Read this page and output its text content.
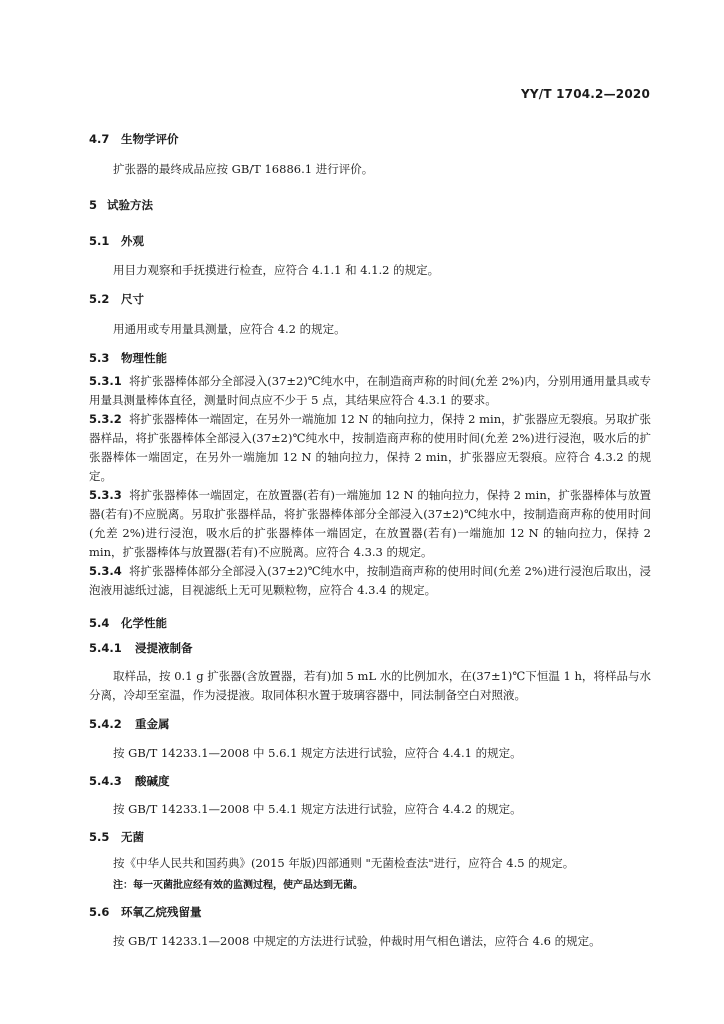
YY/T 1704.2—2020
4.7 生物学评价
扩张器的最终成品应按 GB/T 16886.1 进行评价。
5 试验方法
5.1 外观
用目力观察和手抚摸进行检查，应符合 4.1.1 和 4.1.2 的规定。
5.2 尺寸
用通用或专用量具测量，应符合 4.2 的规定。
5.3 物理性能
5.3.1 将扩张器棒体部分全部浸入(37±2)℃纯水中，在制造商声称的时间(允差 2%)内，分别用通用量具或专用量具测量棒体直径，测量时间点应不少于 5 点，其结果应符合 4.3.1 的要求。
5.3.2 将扩张器棒体一端固定，在另外一端施加 12 N 的轴向拉力，保持 2 min，扩张器应无裂痕。另取扩张器样品，将扩张器棒体全部浸入(37±2)℃纯水中，按制造商声称的使用时间(允差 2%)进行浸泡，吸水后的扩张器棒体一端固定，在另外一端施加 12 N 的轴向拉力，保持 2 min，扩张器应无裂痕。应符合 4.3.2 的规定。
5.3.3 将扩张器棒体一端固定，在放置器(若有)一端施加 12 N 的轴向拉力，保持 2 min，扩张器棒体与放置器(若有)不应脱离。另取扩张器样品，将扩张器棒体部分全部浸入(37±2)℃纯水中，按制造商声称的使用时间(允差 2%)进行浸泡，吸水后的扩张器棒体一端固定，在放置器(若有)一端施加 12 N 的轴向拉力，保持 2 min，扩张器棒体与放置器(若有)不应脱离。应符合 4.3.3 的规定。
5.3.4 将扩张器棒体部分全部浸入(37±2)℃纯水中，按制造商声称的使用时间(允差 2%)进行浸泡后取出，浸泡液用滤纸过滤，目视滤纸上无可见颗粒物，应符合 4.3.4 的规定。
5.4 化学性能
5.4.1 浸提液制备
取样品，按 0.1 g 扩张器(含放置器，若有)加 5 mL 水的比例加水，在(37±1)℃下恒温 1 h，将样品与水分离，冷却至室温，作为浸提液。取同体积水置于玻璃容器中，同法制备空白对照液。
5.4.2 重金属
按 GB/T 14233.1—2008 中 5.6.1 规定方法进行试验，应符合 4.4.1 的规定。
5.4.3 酸碱度
按 GB/T 14233.1—2008 中 5.4.1 规定方法进行试验，应符合 4.4.2 的规定。
5.5 无菌
按《中华人民共和国药典》(2015 年版)四部通则 "无菌检查法"进行，应符合 4.5 的规定。
注：每一灭菌批应经有效的监测过程，使产品达到无菌。
5.6 环氧乙烷残留量
按 GB/T 14233.1—2008 中规定的方法进行试验，仲裁时用气相色谱法，应符合 4.6 的规定。
